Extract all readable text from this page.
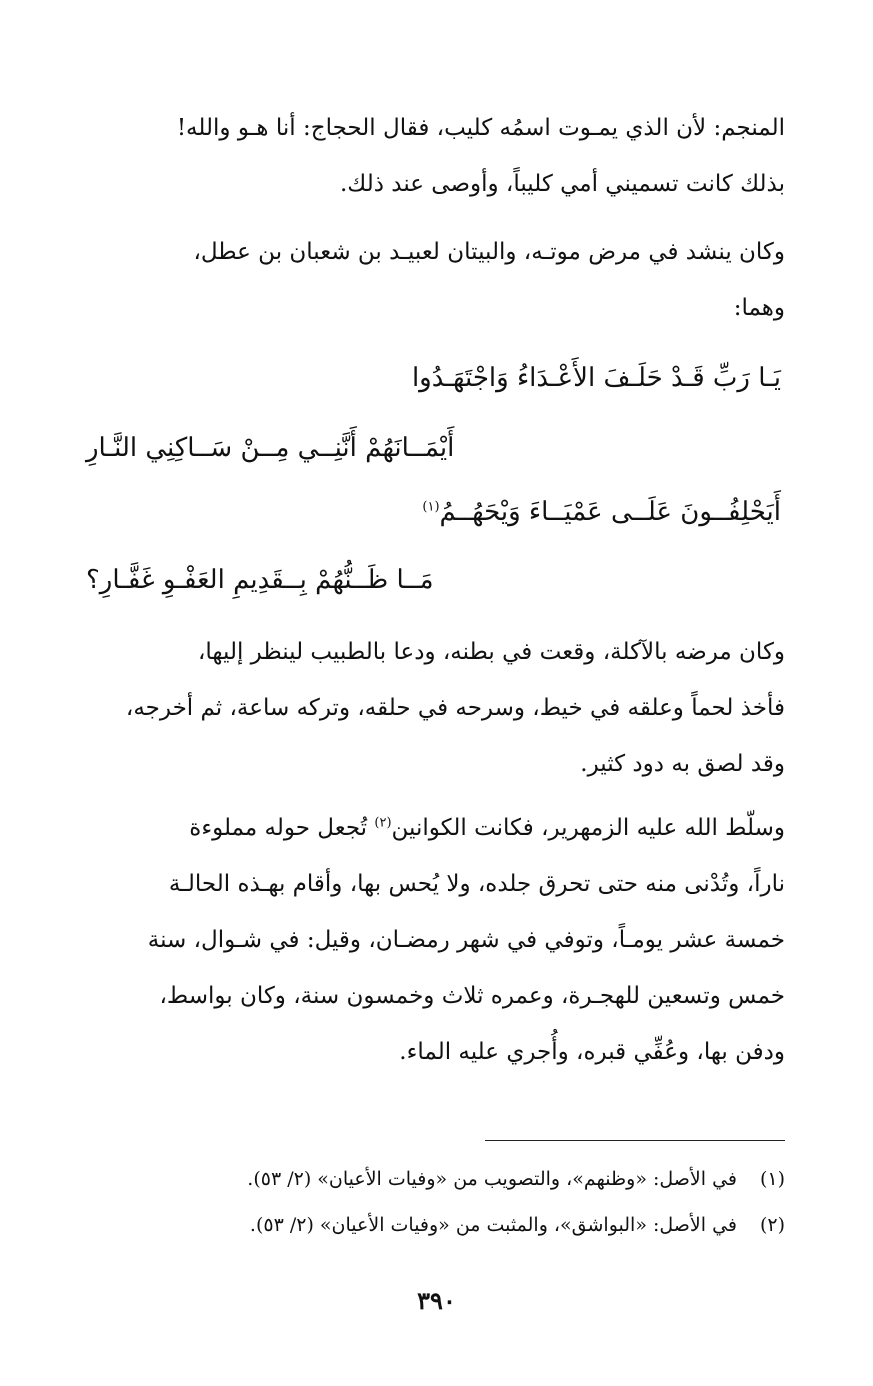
المنجم: لأن الذي يمـوت اسمُه كليب، فقال الحجاج: أنا هـو والله!
بذلك كانت تسميني أمي كليباً، وأوصى عند ذلك.

وكان ينشد في مرض موتـه، والبيتان لعبيـد بن شعبان بن عطل،
وهما:

يَـا رَبِّ قَـدْ حَلَـفَ الأَعْـدَاءُ وَاجْتَهَـدُوا
أَيْمَــانَهُمْ أَنَّنِــي مِــنْ سَــاكِنِي النَّـارِ
أَيَحْلِفُــونَ عَلَــى عَمْيَــاءَ وَيْحَهُــمُ$^{(١)}$
مَــا ظَــنُّهُمْ بِــقَدِيمِ العَفْـوِ غَفَّـارِ؟

وكان مرضه بالآكلة، وقعت في بطنه، ودعا بالطبيب لينظر إليها،
فأخذ لحماً وعلقه في خيط، وسرحه في حلقه، وتركه ساعة، ثم أخرجه،
وقد لصق به دود كثير.

وسلّط الله عليه الزمهرير، فكانت الكوانين$^{(٢)}$ تُجعل حوله مملوءة
ناراً، وتُدْنى منه حتى تحرق جلده، ولا يُحس بها، وأقام بهـذه الحالـة
خمسة عشر يومـاً، وتوفي في شهر رمضـان، وقيل: في شـوال، سنة
خمس وتسعين للهجـرة، وعمره ثلاث وخمسون سنة، وكان بواسط،
ودفن بها، وعُفِّي قبره، وأُجري عليه الماء.

(١)في الأصل: «وظنهم»، والتصويب من «وفيات الأعيان» (٢/ ٥٣).
(٢)في الأصل: «البواشق»، والمثبت من «وفيات الأعيان» (٢/ ٥٣).
٣٩٠
